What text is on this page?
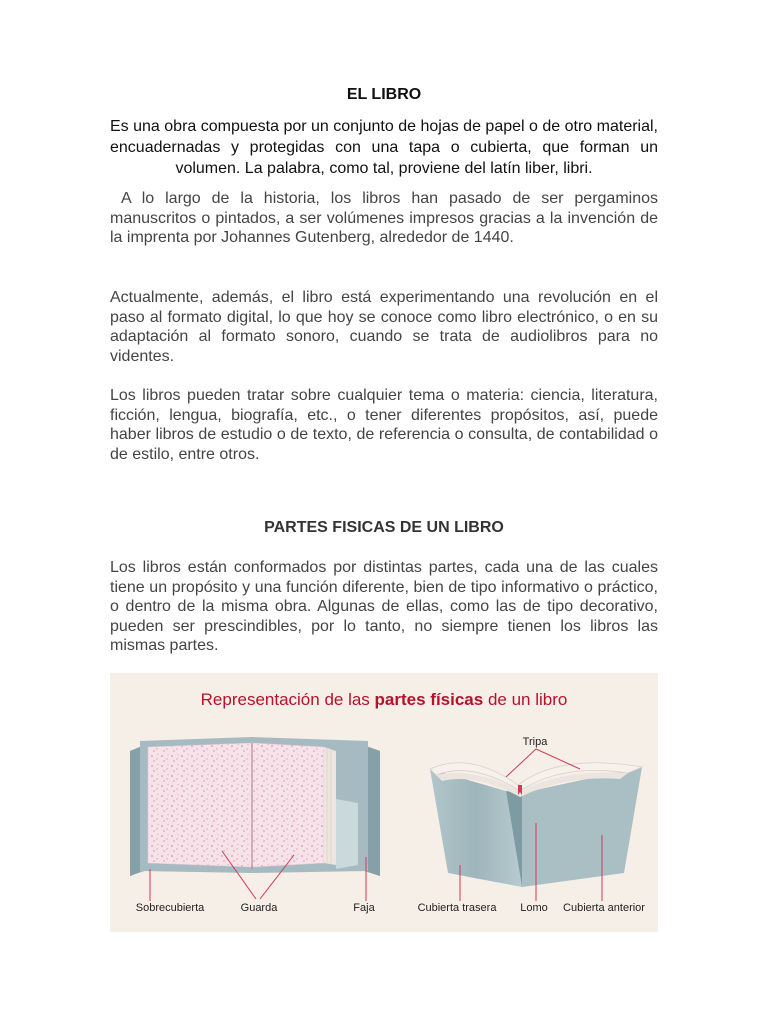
EL LIBRO

Es una obra compuesta por un conjunto de hojas de papel o de otro material, encuadernadas y protegidas con una tapa o cubierta, que forman un volumen. La palabra, como tal, proviene del latín liber, libri.

A lo largo de la historia, los libros han pasado de ser pergaminos manuscritos o pintados, a ser volúmenes impresos gracias a la invención de la imprenta por Johannes Gutenberg, alrededor de 1440.

Actualmente, además, el libro está experimentando una revolución en el paso al formato digital, lo que hoy se conoce como libro electrónico, o en su adaptación al formato sonoro, cuando se trata de audiolibros para no videntes.

Los libros pueden tratar sobre cualquier tema o materia: ciencia, literatura, ficción, lengua, biografía, etc., o tener diferentes propósitos, así, puede haber libros de estudio o de texto, de referencia o consulta, de contabilidad o de estilo, entre otros.

PARTES FISICAS DE UN LIBRO

Los libros están conformados por distintas partes, cada una de las cuales tiene un propósito y una función diferente, bien de tipo informativo o práctico, o dentro de la misma obra. Algunas de ellas, como las de tipo decorativo, pueden ser prescindibles, por lo tanto, no siempre tienen los libros las mismas partes.

Representación de las partes físicas de un libro
Sobrecubierta	Guarda	Faja
Tripa
Cubierta trasera Lomo Cubierta anterior
